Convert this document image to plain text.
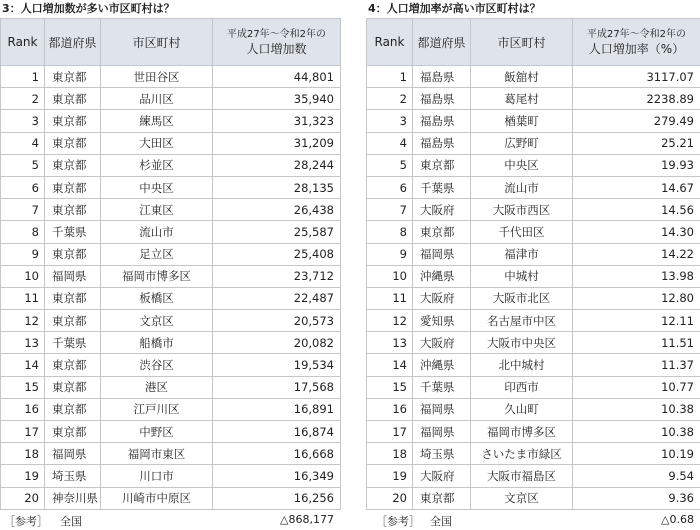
3：人口増加数が多い市区町村は？
Rank	都道府県	市区町村	平成27年～令和2年の
人口増加数

1	東京都	世田谷区	44,801
2	東京都	品川区	35,940
3	東京都	練馬区	31,323
4	東京都	大田区	31,209
5	東京都	杉並区	28,244
6	東京都	中央区	28,135
7	東京都	江東区	26,438
8	千葉県	流山市	25,587
9	東京都	足立区	25,408
10	福岡県	福岡市博多区	23,712
11	東京都	板橋区	22,487
12	東京都	文京区	20,573
13	千葉県	船橋市	20,082
14	東京都	渋谷区	19,534
15	東京都	港区	17,568
16	東京都	江戸川区	16,891
17	東京都	中野区	16,874
18	福岡県	福岡市東区	16,668
19	埼玉県	川口市	16,349
20	神奈川県	川崎市中原区	16,256
［参考］ 全国	△868,177
4：人口増加率が高い市区町村は？
Rank	都道府県	市区町村	平成27年～令和2年の
人口増加率（%）

1	福島県	飯舘村	3117.07
2	福島県	葛尾村	2238.89
3	福島県	楢葉町	279.49
4	福島県	広野町	25.21
5	東京都	中央区	19.93
6	千葉県	流山市	14.67
7	大阪府	大阪市西区	14.56
8	東京都	千代田区	14.30
9	福岡県	福津市	14.22
10	沖縄県	中城村	13.98
11	大阪府	大阪市北区	12.80
12	愛知県	名古屋市中区	12.11
13	大阪府	大阪市中央区	11.51
14	沖縄県	北中城村	11.37
15	千葉県	印西市	10.77
16	福岡県	久山町	10.38
17	福岡県	福岡市博多区	10.38
18	埼玉県	さいたま市緑区	10.19
19	大阪府	大阪市福島区	9.54
20	東京都	文京区	9.36
［参考］ 全国	△0.68
